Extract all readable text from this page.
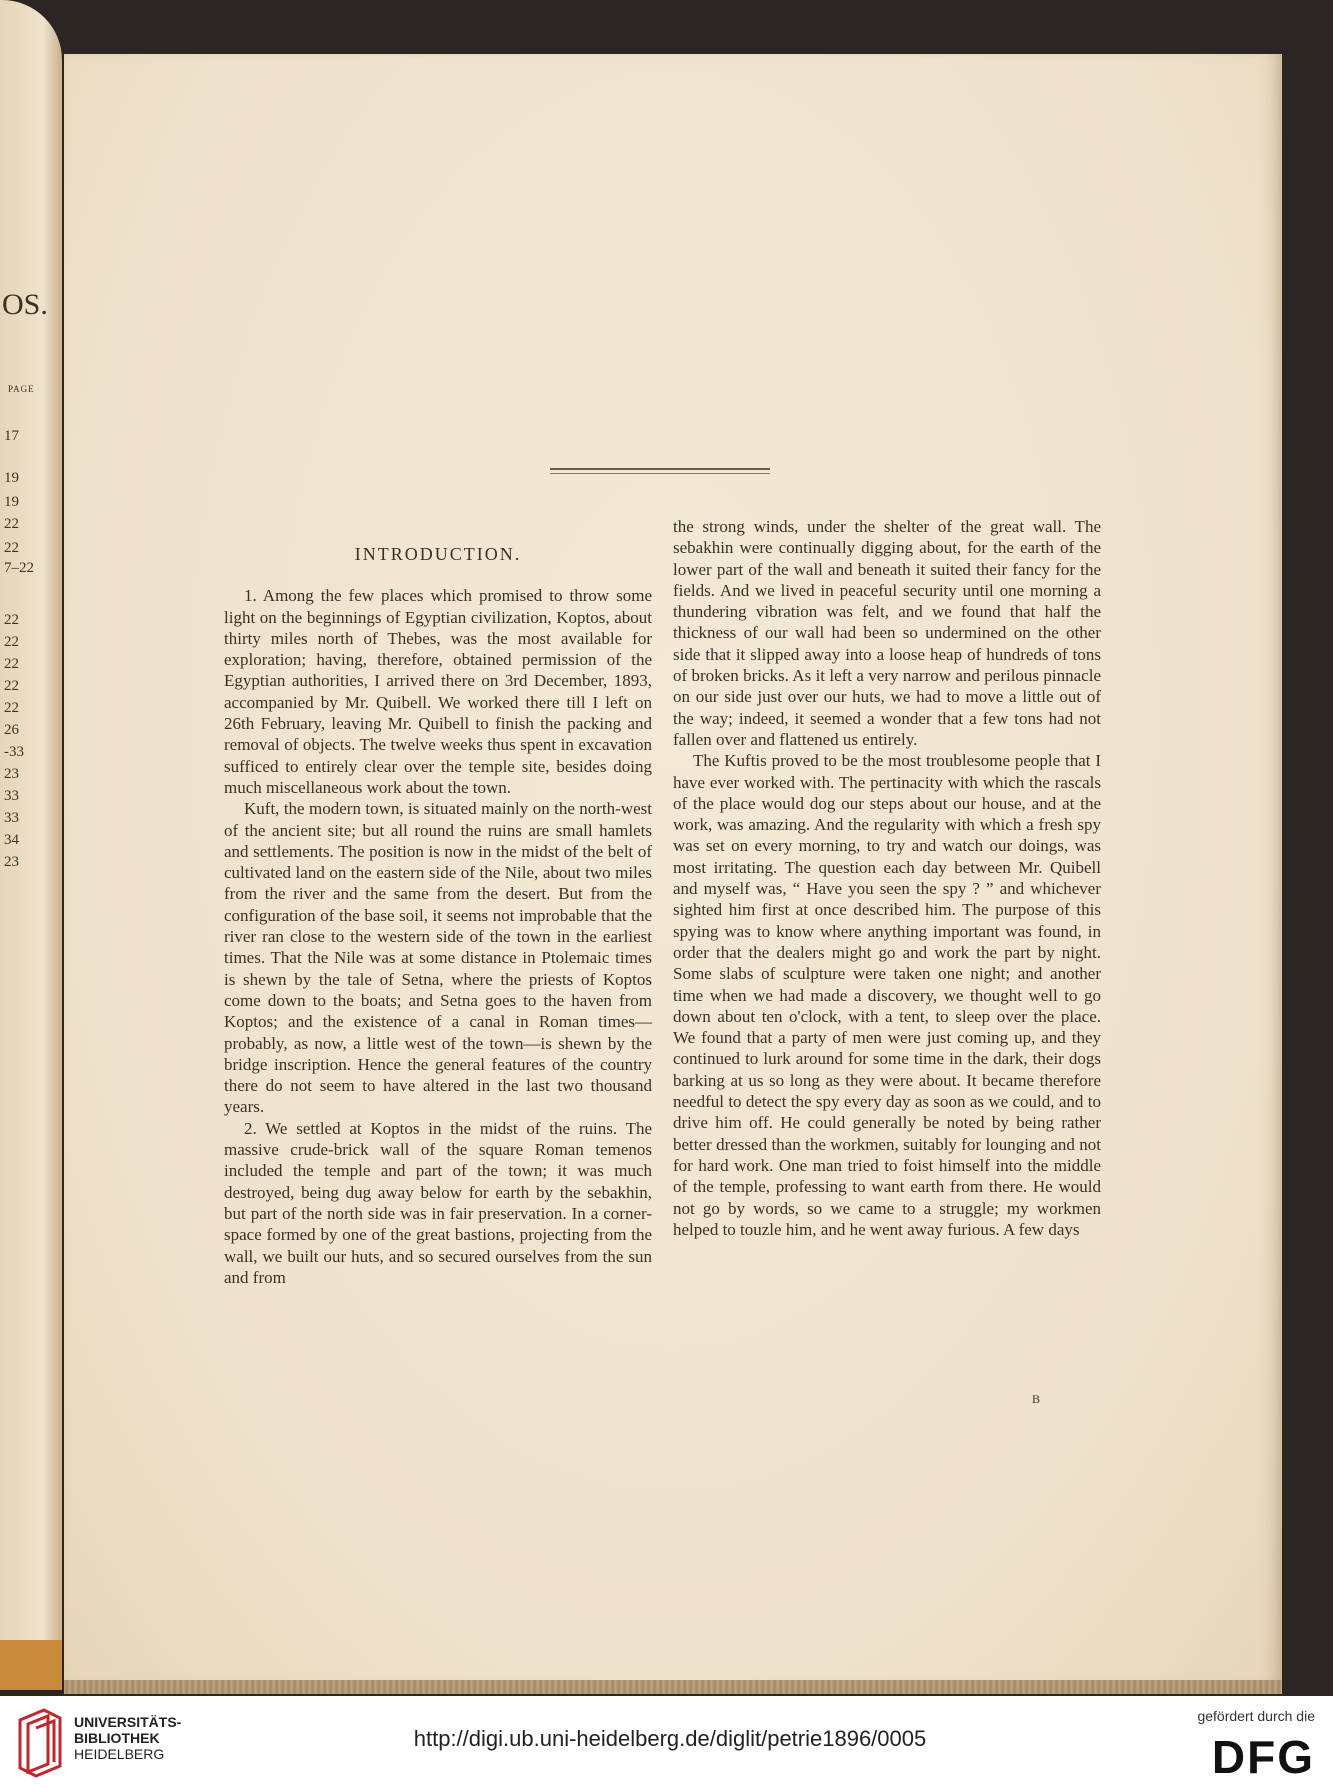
OS.
PAGE
17
19
19
22
22
7–22
22
22
22
22
22
26
-33
23
33
33
34
23
INTRODUCTION.

1. Among the few places which promised to throw some light on the beginnings of Egyptian civilization, Koptos, about thirty miles north of Thebes, was the most available for exploration; having, therefore, obtained permission of the Egyptian authorities, I arrived there on 3rd December, 1893, accompanied by Mr. Quibell. We worked there till I left on 26th February, leaving Mr. Quibell to finish the packing and removal of objects. The twelve weeks thus spent in excavation sufficed to entirely clear over the temple site, besides doing much miscellaneous work about the town.

Kuft, the modern town, is situated mainly on the north-west of the ancient site; but all round the ruins are small hamlets and settlements. The position is now in the midst of the belt of cultivated land on the eastern side of the Nile, about two miles from the river and the same from the desert. But from the configuration of the base soil, it seems not improbable that the river ran close to the western side of the town in the earliest times. That the Nile was at some distance in Ptolemaic times is shewn by the tale of Setna, where the priests of Koptos come down to the boats; and Setna goes to the haven from Koptos; and the existence of a canal in Roman times—probably, as now, a little west of the town—is shewn by the bridge inscription. Hence the general features of the country there do not seem to have altered in the last two thousand years.

2. We settled at Koptos in the midst of the ruins. The massive crude-brick wall of the square Roman temenos included the temple and part of the town; it was much destroyed, being dug away below for earth by the sebakhin, but part of the north side was in fair preservation. In a corner-space formed by one of the great bastions, projecting from the wall, we built our huts, and so secured ourselves from the sun and from

the strong winds, under the shelter of the great wall. The sebakhin were continually digging about, for the earth of the lower part of the wall and beneath it suited their fancy for the fields. And we lived in peaceful security until one morning a thundering vibration was felt, and we found that half the thickness of our wall had been so undermined on the other side that it slipped away into a loose heap of hundreds of tons of broken bricks. As it left a very narrow and perilous pinnacle on our side just over our huts, we had to move a little out of the way; indeed, it seemed a wonder that a few tons had not fallen over and flattened us entirely.

The Kuftis proved to be the most troublesome people that I have ever worked with. The pertinacity with which the rascals of the place would dog our steps about our house, and at the work, was amazing. And the regularity with which a fresh spy was set on every morning, to try and watch our doings, was most irritating. The question each day between Mr. Quibell and myself was, “ Have you seen the spy ? ” and whichever sighted him first at once described him. The purpose of this spying was to know where anything important was found, in order that the dealers might go and work the part by night. Some slabs of sculpture were taken one night; and another time when we had made a discovery, we thought well to go down about ten o'clock, with a tent, to sleep over the place. We found that a party of men were just coming up, and they continued to lurk around for some time in the dark, their dogs barking at us so long as they were about. It became therefore needful to detect the spy every day as soon as we could, and to drive him off. He could generally be noted by being rather better dressed than the workmen, suitably for lounging and not for hard work. One man tried to foist himself into the middle of the temple, professing to want earth from there. He would not go by words, so we came to a struggle; my workmen helped to touzle him, and he went away furious. A few days

B
UNIVERSITÄTS-
BIBLIOTHEK
HEIDELBERG
http://digi.ub.uni-heidelberg.de/diglit/petrie1896/0005
gefördert durch die
DFG
